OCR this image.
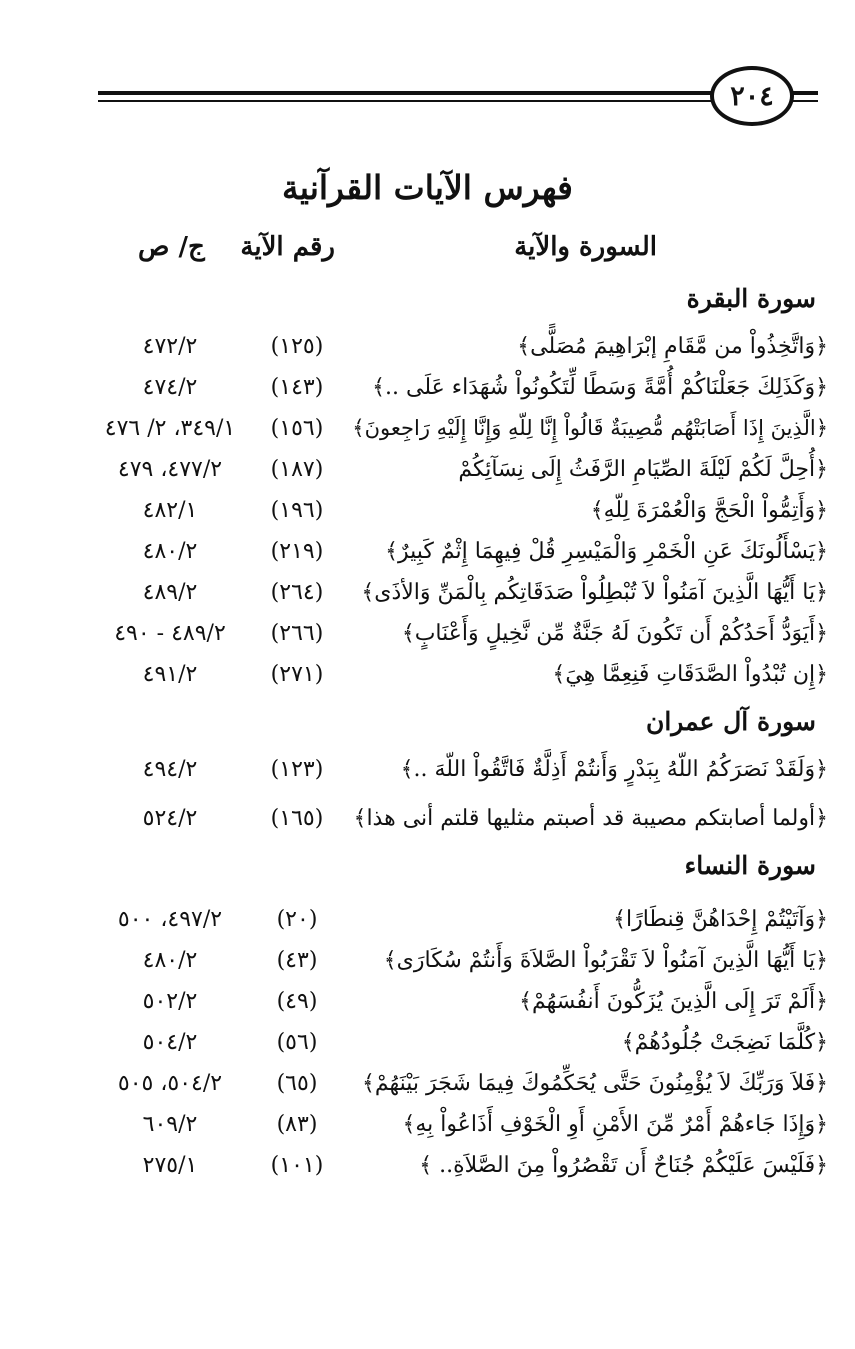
٢٠٤
فهرس الآيات القرآنية
السورة والآية
رقم الآية
ج/ ص
سورة البقرة
﴿وَاتَّخِذُواْ من مَّقَامِ إبْرَاهِيمَ مُصَلًّى﴾
(١٢٥)
٤٧٢/٢
﴿وَكَذَلِكَ جَعَلْنَاكُمْ أُمَّةً وَسَطًا لِّتَكُونُواْ شُهَدَاء عَلَى ..﴾
(١٤٣)
٤٧٤/٢
﴿الَّذِينَ إِذَا أَصَابَتْهُم مُّصِيبَةٌ قَالُواْ إِنَّا لِلّهِ وَإِنَّا إِلَيْهِ رَاجِعونَ﴾
(١٥٦)
٣٤٩/١، ٢/ ٤٧٦
﴿أُحِلَّ لَكُمْ لَيْلَةَ الصِّيَامِ الرَّفَثُ إِلَى نِسَآئِكُمْ
(١٨٧)
٤٧٧/٢، ٤٧٩
﴿وَأَتِمُّواْ الْحَجَّ وَالْعُمْرَةَ لِلّهِ﴾
(١٩٦)
٤٨٢/١
﴿يَسْأَلُونَكَ عَنِ الْخَمْرِ وَالْمَيْسِرِ قُلْ فِيهِمَا إِثْمٌ كَبِيرٌ﴾
(٢١٩)
٤٨٠/٢
﴿يَا أَيُّهَا الَّذِينَ آمَنُواْ لاَ تُبْطِلُواْ صَدَقَاتِكُم بِالْمَنِّ وَالأذَى﴾
(٢٦٤)
٤٨٩/٢
﴿أَيَوَدُّ أَحَدُكُمْ أَن تَكُونَ لَهُ جَنَّةٌ مِّن نَّخِيلٍ وَأَعْنَابٍ﴾
(٢٦٦)
٤٨٩/٢ - ٤٩٠
﴿إِن تُبْدُواْ الصَّدَقَاتِ فَنِعِمَّا هِيَ﴾
(٢٧١)
٤٩١/٢
سورة آل عمران
﴿وَلَقَدْ نَصَرَكُمُ اللّهُ بِبَدْرٍ وَأَنتُمْ أَذِلَّةٌ فَاتَّقُواْ اللّهَ ..﴾
(١٢٣)
٤٩٤/٢
﴿أولما أصابتكم مصيبة قد أصبتم مثليها قلتم أنى هذا﴾
(١٦٥)
٥٢٤/٢
سورة النساء
﴿وَآتَيْتُمْ إِحْدَاهُنَّ قِنطَارًا﴾
(٢٠)
٤٩٧/٢، ٥٠٠
﴿يَا أَيُّهَا الَّذِينَ آمَنُواْ لاَ تَقْرَبُواْ الصَّلاَةَ وَأَنتُمْ سُكَارَى﴾
(٤٣)
٤٨٠/٢
﴿أَلَمْ تَرَ إِلَى الَّذِينَ يُزَكُّونَ أَنفُسَهُمْ﴾
(٤٩)
٥٠٢/٢
﴿كُلَّمَا نَضِجَتْ جُلُودُهُمْ﴾
(٥٦)
٥٠٤/٢
﴿فَلاَ وَرَبِّكَ لاَ يُؤْمِنُونَ حَتَّى يُحَكِّمُوكَ فِيمَا شَجَرَ بَيْنَهُمْ﴾
(٦٥)
٥٠٤/٢، ٥٠٥
﴿وَإِذَا جَاءهُمْ أَمْرٌ مِّنَ الأَمْنِ أَوِ الْخَوْفِ أَذَاعُواْ بِهِ﴾
(٨٣)
٦٠٩/٢
﴿فَلَيْسَ عَلَيْكُمْ جُنَاحٌ أَن تَقْصُرُواْ مِنَ الصَّلاَةِ.. ﴾
(١٠١)
٢٧٥/١
